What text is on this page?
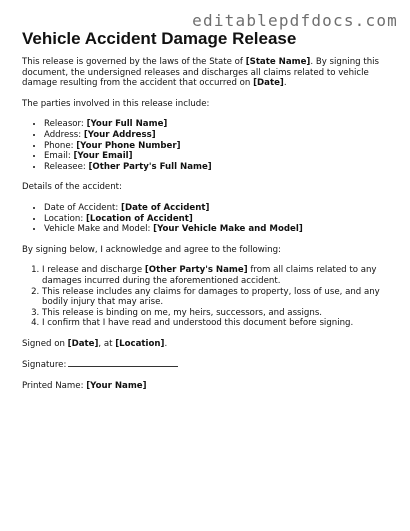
editablepdfdocs.com
Vehicle Accident Damage Release

This release is governed by the laws of the State of [State Name]. By signing this document, the undersigned releases and discharges all claims related to vehicle damage resulting from the accident that occurred on [Date].

The parties involved in this release include:

• Releasor: [Your Full Name]
• Address: [Your Address]
• Phone: [Your Phone Number]
• Email: [Your Email]
• Releasee: [Other Party's Full Name]

Details of the accident:

• Date of Accident: [Date of Accident]
• Location: [Location of Accident]
• Vehicle Make and Model: [Your Vehicle Make and Model]

By signing below, I acknowledge and agree to the following:

1. I release and discharge [Other Party's Name] from all claims related to any damages incurred during the aforementioned accident.
2. This release includes any claims for damages to property, loss of use, and any bodily injury that may arise.
3. This release is binding on me, my heirs, successors, and assigns.
4. I confirm that I have read and understood this document before signing.

Signed on [Date], at [Location].

Signature:

Printed Name: [Your Name]
